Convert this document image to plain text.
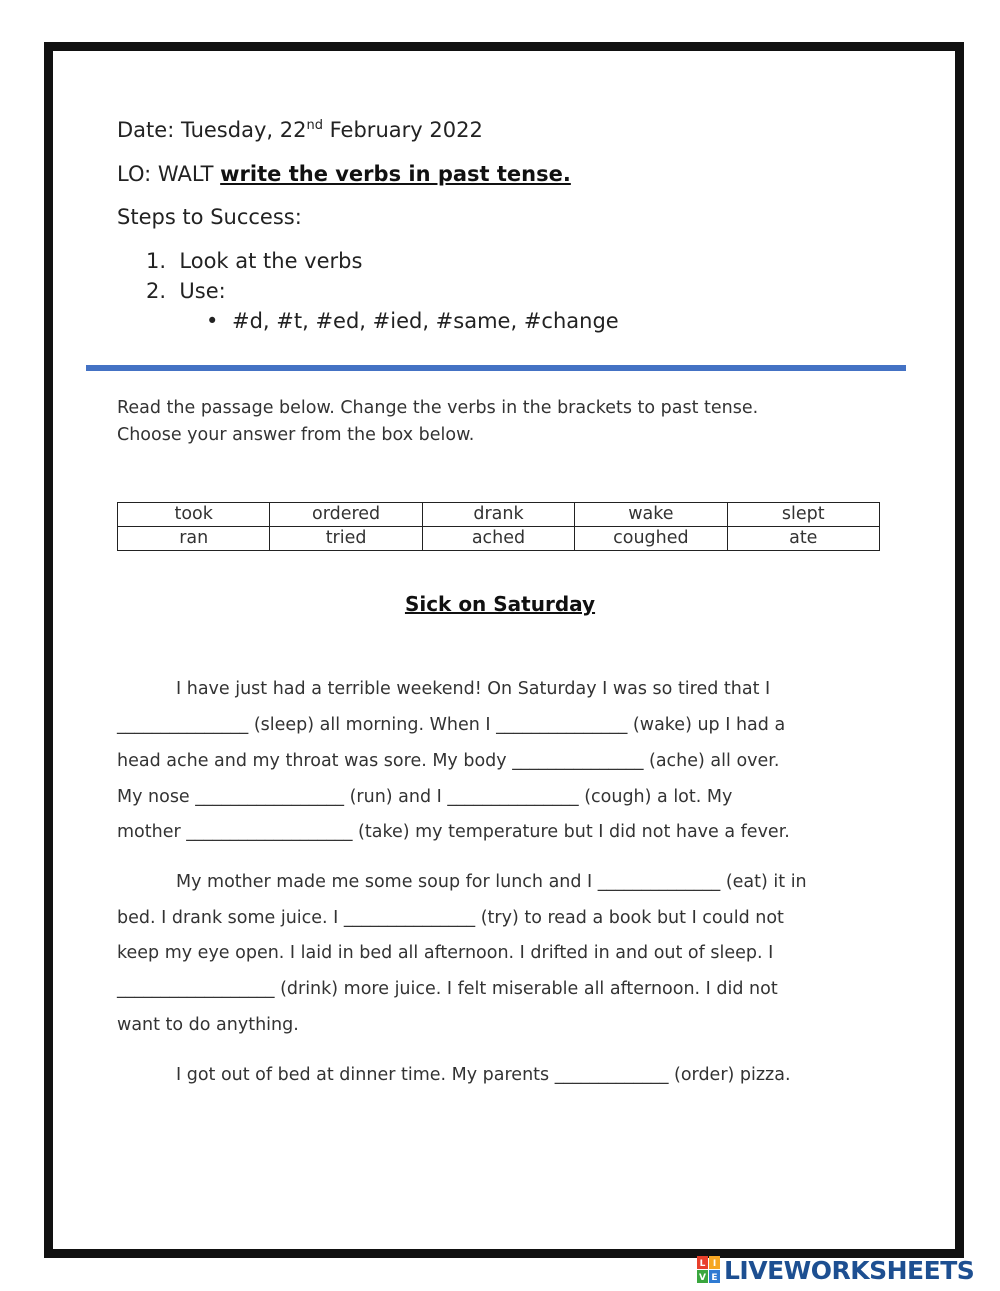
Date: Tuesday, 22nd February 2022
LO: WALT write the verbs in past tense.
Steps to Success:
1.  Look at the verbs
2.  Use:
• #d, #t, #ed, #ied, #same, #change
Read the passage below. Change the verbs in the brackets to past tense.
Choose your answer from the box below.
took	ordered	drank	wake	slept
ran	tried	ached	coughed	ate
Sick on Saturday
I have just had a terrible weekend! On Saturday I was so tired that I
_______________ (sleep) all morning. When I _______________ (wake) up I had a
head ache and my throat was sore. My body _______________ (ache) all over.
My nose _________________ (run) and I _______________ (cough) a lot. My
mother ___________________ (take) my temperature but I did not have a fever.
My mother made me some soup for lunch and I ______________ (eat) it in
bed. I drank some juice. I _______________ (try) to read a book but I could not
keep my eye open. I laid in bed all afternoon. I drifted in and out of sleep. I
__________________ (drink) more juice. I felt miserable all afternoon. I did not
want to do anything.
I got out of bed at dinner time. My parents _____________ (order) pizza.
L I
V E LIVEWORKSHEETS
